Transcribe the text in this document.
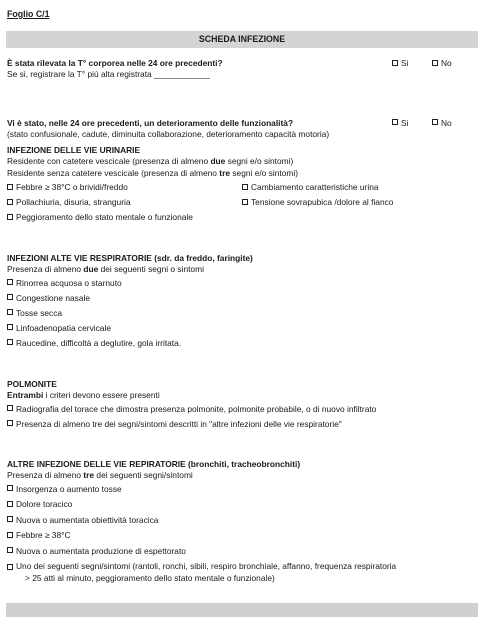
Foglio C/1
SCHEDA INFEZIONE
È stata rilevata la T° corporea nelle 24 ore precedenti?
Se si, registrare la T° più alta registrata ____________
Si	No
Vi è stato, nelle 24 ore precedenti, un deterioramento delle funzionalità?
(stato confusionale, cadute, diminuita collaborazione, deterioramento capacità motoria)
Si	No
INFEZIONE DELLE VIE URINARIE
Residente con catetere vescicale (presenza di almeno due segni e/o sintomi)
Residente senza catetere vescicale (presenza di almeno tre segni e/o sintomi)
Febbre ≥ 38°C o brividi/freddo	Cambiamento caratteristiche urina
Pollachiuria, disuria, stranguria	Tensione sovrapubica /dolore al fianco
Peggioramento dello stato mentale o funzionale
INFEZIONI ALTE VIE RESPIRATORIE (sdr. da freddo, faringite)
Presenza di almeno due dei seguenti segni o sintomi
Rinorrea acquosa o starnuto
Congestione nasale
Tosse secca
Linfoadenopatia cervicale
Raucedine, difficoltà a deglutire, gola irritata.
POLMONITE
Entrambi i criteri devono essere presenti
Radiografia del torace che dimostra presenza polmonite, polmonite probabile, o di nuovo infiltrato
Presenza di almeno tre dei segni/sintomi descritti in "altre infezioni delle vie respiratorie"
ALTRE INFEZIONE DELLE VIE REPIRATORIE (bronchiti, tracheobronchiti)
Presenza di almeno tre dei seguenti segni/sintomi
Insorgenza o aumento tosse
Dolore toracico
Nuova o aumentata obiettività toracica
Febbre ≥ 38°C
Nuova o aumentata produzione di espettorato
Uno dei seguenti segni/sintomi (rantoli, ronchi, sibili, respiro bronchiale, affanno, frequenza respiratoria
> 25 atti al minuto, peggioramento dello stato mentale o funzionale)
